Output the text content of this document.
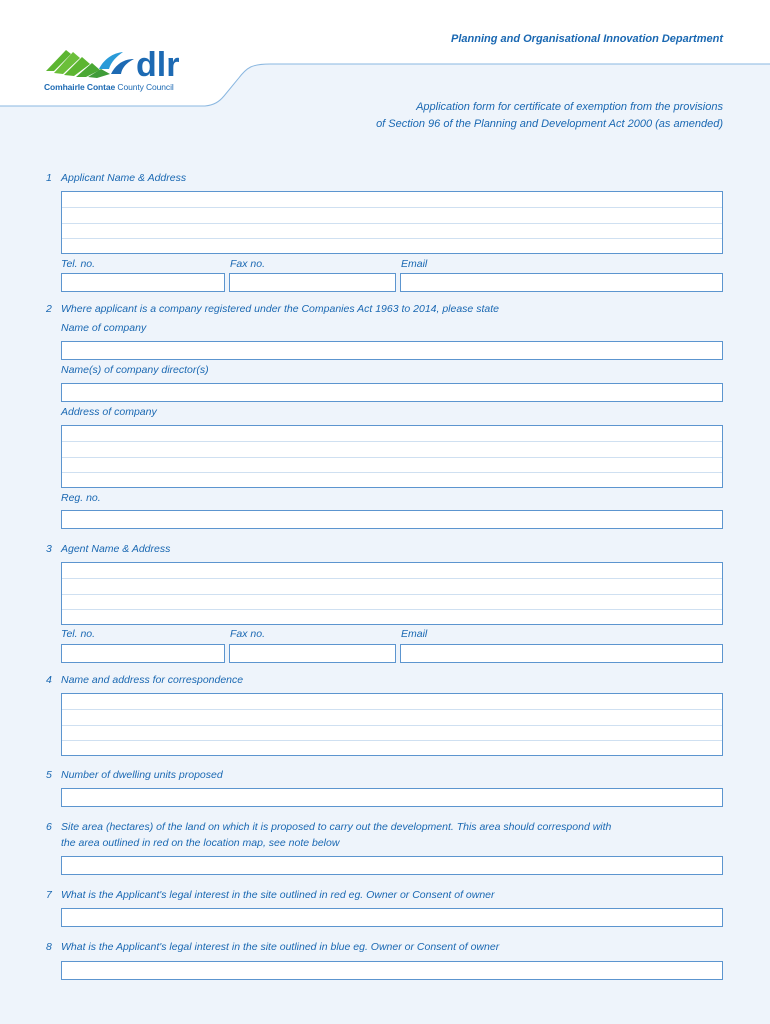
dlr
Comhairle Contae County Council
Planning and Organisational Innovation Department
Application form for certificate of exemption from the provisions
of Section 96 of the Planning and Development Act 2000 (as amended)
1 Applicant Name & Address
Tel. no.	Fax no.	Email
2 Where applicant is a company registered under the Companies Act 1963 to 2014, please state
Name of company
Name(s) of company director(s)
Address of company
Reg. no.
3 Agent Name & Address
Tel. no.	Fax no.	Email
4 Name and address for correspondence
5 Number of dwelling units proposed
6 Site area (hectares) of the land on which it is proposed to carry out the development. This area should correspond with
the area outlined in red on the location map, see note below
7 What is the Applicant's legal interest in the site outlined in red eg. Owner or Consent of owner
8 What is the Applicant's legal interest in the site outlined in blue eg. Owner or Consent of owner
